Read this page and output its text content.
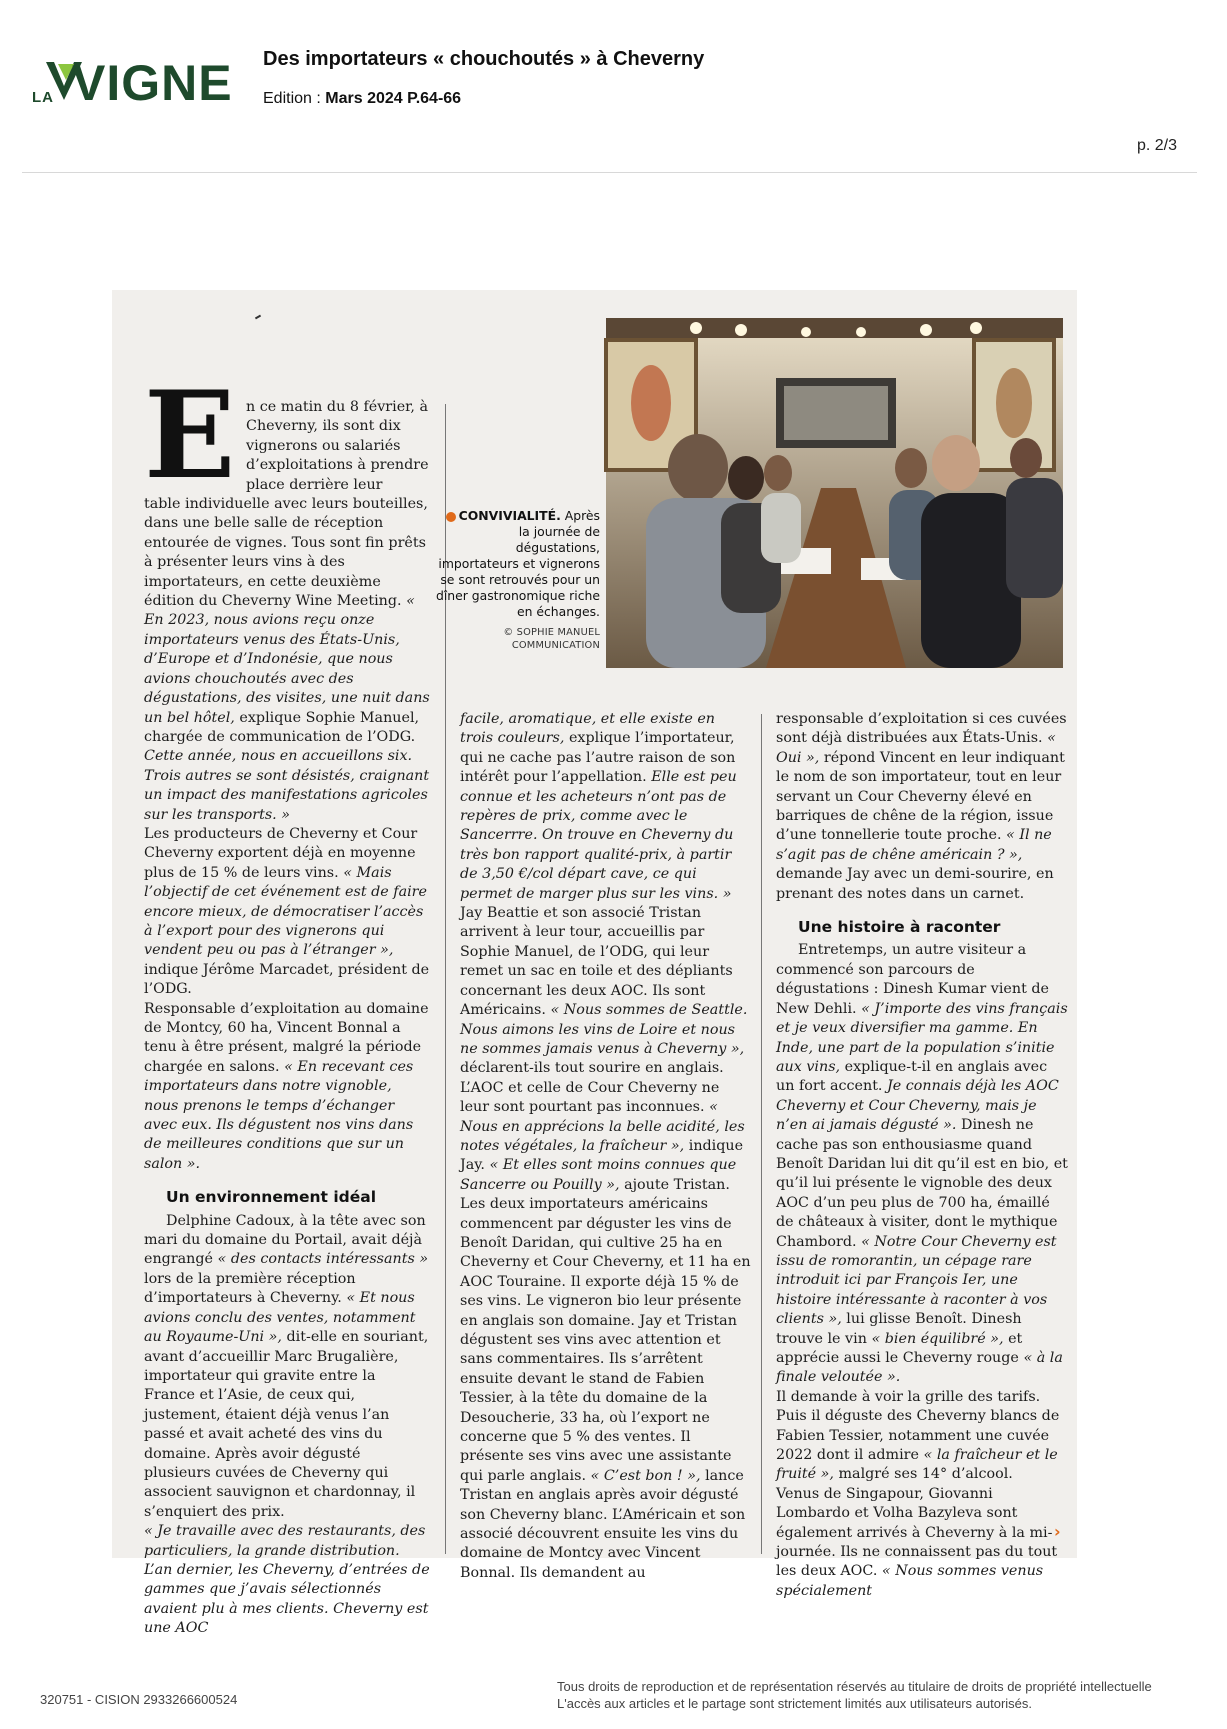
LA VIGNE Des importateurs « chouchoutés » à Cheverny
Edition : Mars 2024 P.64-66
p. 2/3
E n ce matin du 8 février, à Cheverny, ils sont dix vignerons ou salariés d’exploitations à prendre place derrière leur

table individuelle avec leurs bouteilles, dans une belle salle de réception entourée de vignes. Tous sont fin prêts à présenter leurs vins à des importateurs, en cette deuxième édition du Cheverny Wine Meeting. « En 2023, nous avions reçu onze importateurs venus des États-Unis, d’Europe et d’Indonésie, que nous avions chouchoutés avec des dégustations, des visites, une nuit dans un bel hôtel, explique Sophie Manuel, chargée de communication de l’ODG. Cette année, nous en accueillons six. Trois autres se sont désistés, craignant un impact des manifestations agricoles sur les transports. »

Les producteurs de Cheverny et Cour Cheverny exportent déjà en moyenne plus de 15 % de leurs vins. « Mais l’objectif de cet événement est de faire encore mieux, de démocratiser l’accès à l’export pour des vignerons qui vendent peu ou pas à l’étranger », indique Jérôme Marcadet, président de l’ODG.

Responsable d’exploitation au domaine de Montcy, 60 ha, Vincent Bonnal a tenu à être présent, malgré la période chargée en salons. « En recevant ces importateurs dans notre vignoble, nous prenons le temps d’échanger avec eux. Ils dégustent nos vins dans de meilleures conditions que sur un salon ».

Un environnement idéal

Delphine Cadoux, à la tête avec son mari du domaine du Portail, avait déjà engrangé « des contacts intéressants » lors de la première réception d’importateurs à Cheverny. « Et nous avions conclu des ventes, notamment au Royaume-Uni », dit-elle en souriant, avant d’accueillir Marc Brugalière, importateur qui gravite entre la France et l’Asie, de ceux qui, justement, étaient déjà venus l’an passé et avait acheté des vins du domaine. Après avoir dégusté plusieurs cuvées de Cheverny qui associent sauvignon et chardonnay, il s’enquiert des prix.

« Je travaille avec des restaurants, des particuliers, la grande distribution. L’an dernier, les Cheverny, d’entrées de gammes que j’avais sélectionnés avaient plu à mes clients. Cheverny est une AOC

CONVIVIALITÉ. Après la journée de dégustations, importateurs et vignerons se sont retrouvés pour un dîner gastronomique riche en échanges.
© SOPHIE MANUEL COMMUNICATION

facile, aromatique, et elle existe en trois couleurs, explique l’importateur, qui ne cache pas l’autre raison de son intérêt pour l’appellation. Elle est peu connue et les acheteurs n’ont pas de repères de prix, comme avec le Sancerrre. On trouve en Cheverny du très bon rapport qualité-prix, à partir de 3,50 €/col départ cave, ce qui permet de marger plus sur les vins. »

Jay Beattie et son associé Tristan arrivent à leur tour, accueillis par Sophie Manuel, de l’ODG, qui leur remet un sac en toile et des dépliants concernant les deux AOC. Ils sont Américains. « Nous sommes de Seattle. Nous aimons les vins de Loire et nous ne sommes jamais venus à Cheverny », déclarent-ils tout sourire en anglais. L’AOC et celle de Cour Cheverny ne leur sont pourtant pas inconnues. « Nous en apprécions la belle acidité, les notes végétales, la fraîcheur », indique Jay. « Et elles sont moins connues que Sancerre ou Pouilly », ajoute Tristan.

Les deux importateurs américains commencent par déguster les vins de Benoît Daridan, qui cultive 25 ha en Cheverny et Cour Cheverny, et 11 ha en AOC Touraine. Il exporte déjà 15 % de ses vins. Le vigneron bio leur présente en anglais son domaine. Jay et Tristan dégustent ses vins avec attention et sans commentaires. Ils s’arrêtent ensuite devant le stand de Fabien Tessier, à la tête du domaine de la Desoucherie, 33 ha, où l’export ne concerne que 5 % des ventes. Il présente ses vins avec une assistante qui parle anglais. « C’est bon ! », lance Tristan en anglais après avoir dégusté son Cheverny blanc. L’Américain et son associé découvrent ensuite les vins du domaine de Montcy avec Vincent Bonnal. Ils demandent au

responsable d’exploitation si ces cuvées sont déjà distribuées aux États-Unis. « Oui », répond Vincent en leur indiquant le nom de son importateur, tout en leur servant un Cour Cheverny élevé en barriques de chêne de la région, issue d’une tonnellerie toute proche. « Il ne s’agit pas de chêne américain ? », demande Jay avec un demi-sourire, en prenant des notes dans un carnet.

Une histoire à raconter

Entretemps, un autre visiteur a commencé son parcours de dégustations : Dinesh Kumar vient de New Dehli. « J’importe des vins français et je veux diversifier ma gamme. En Inde, une part de la population s’initie aux vins, explique-t-il en anglais avec un fort accent. Je connais déjà les AOC Cheverny et Cour Cheverny, mais je n’en ai jamais dégusté ». Dinesh ne cache pas son enthousiasme quand Benoît Daridan lui dit qu’il est en bio, et qu’il lui présente le vignoble des deux AOC d’un peu plus de 700 ha, émaillé de châteaux à visiter, dont le mythique Chambord. « Notre Cour Cheverny est issu de romorantin, un cépage rare introduit ici par François Ier, une histoire intéressante à raconter à vos clients », lui glisse Benoît. Dinesh trouve le vin « bien équilibré », et apprécie aussi le Cheverny rouge « à la finale veloutée ».

Il demande à voir la grille des tarifs. Puis il déguste des Cheverny blancs de Fabien Tessier, notamment une cuvée 2022 dont il admire « la fraîcheur et le fruité », malgré ses 14° d’alcool.

Venus de Singapour, Giovanni Lombardo et Volha Bazyleva sont également arrivés à Cheverny à la mi-journée. Ils ne connaissent pas du tout les deux AOC. « Nous sommes venus spécialement

›
320751 - CISION 2933266600524
Tous droits de reproduction et de représentation réservés au titulaire de droits de propriété intellectuelle
L'accès aux articles et le partage sont strictement limités aux utilisateurs autorisés.
